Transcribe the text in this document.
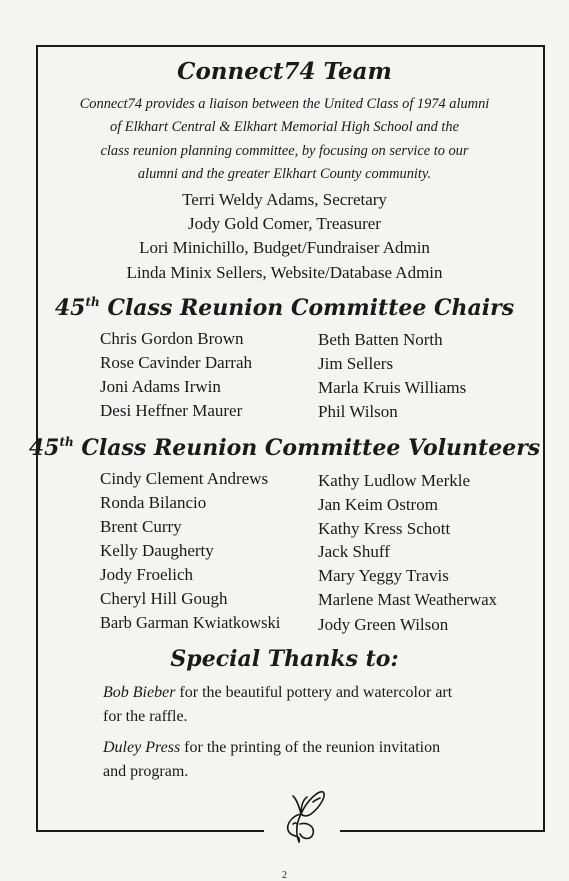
Connect74 Team
Connect74 provides a liaison between the United Class of 1974 alumni
of Elkhart Central & Elkhart Memorial High School and the
class reunion planning committee, by focusing on service to our
alumni and the greater Elkhart County community.
Terri Weldy Adams, Secretary
Jody Gold Comer, Treasurer
Lori Minichillo, Budget/Fundraiser Admin
Linda Minix Sellers, Website/Database Admin
45th Class Reunion Committee Chairs
Chris Gordon Brown
Rose Cavinder Darrah
Joni Adams Irwin
Desi Heffner Maurer
Beth Batten North
Jim Sellers
Marla Kruis Williams
Phil Wilson
45th Class Reunion Committee Volunteers
Cindy Clement Andrews
Ronda Bilancio
Brent Curry
Kelly Daugherty
Jody Froelich
Cheryl Hill Gough
Barb Garman Kwiatkowski
Kathy Ludlow Merkle
Jan Keim Ostrom
Kathy Kress Schott
Jack Shuff
Mary Yeggy Travis
Marlene Mast Weatherwax
Jody Green Wilson
Special Thanks to:
Bob Bieber for the beautiful pottery and watercolor art
for the raffle.
Duley Press for the printing of the reunion invitation
and program.
2
